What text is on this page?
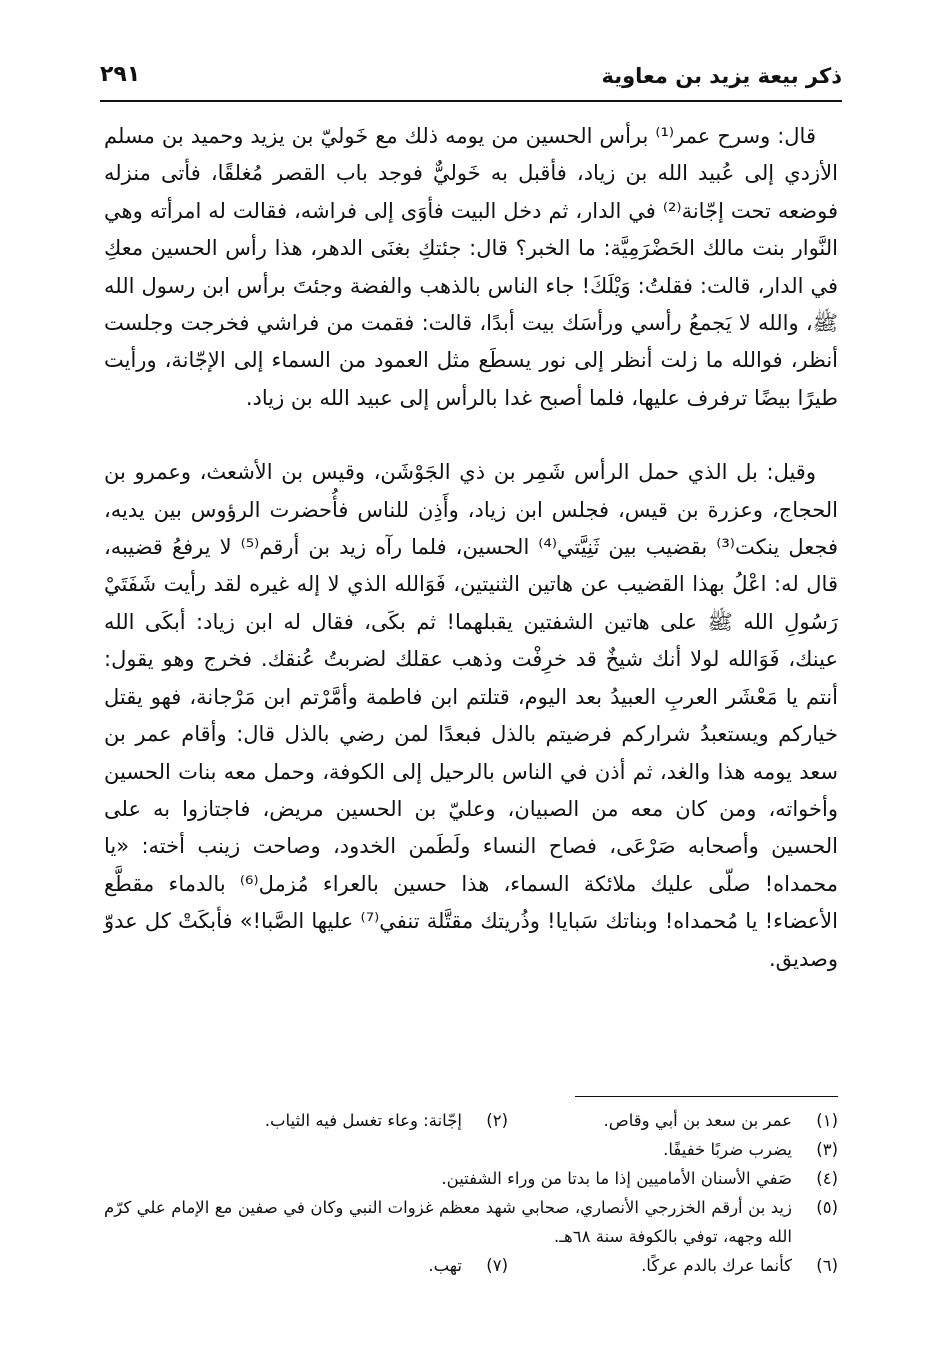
ذكر بيعة يزيد بن معاوية
٢٩١

قال: وسرح عمر⁽¹⁾ برأس الحسين من يومه ذلك مع خَوليّ بن يزيد وحميد بن مسلم الأزدي إلى عُبيد الله بن زياد، فأقبل به خَوليٌّ فوجد باب القصر مُغلقًا، فأتى منزله فوضعه تحت إجّانة⁽²⁾ في الدار، ثم دخل البيت فأوَى إلى فراشه، فقالت له امرأته وهي النَّوار بنت مالك الحَضْرَمِيَّة: ما الخبر؟ قال: جئتكِ بغنَى الدهر، هذا رأس الحسين معكِ في الدار، قالت: فقلتُ: وَيْلَكَ! جاء الناس بالذهب والفضة وجئتَ برأس ابن رسول الله ﷺ، والله لا يَجمعُ رأسي ورأسَك بيت أبدًا، قالت: فقمت من فراشي فخرجت وجلست أنظر، فوالله ما زلت أنظر إلى نور يسطَع مثل العمود من السماء إلى الإجّانة، ورأيت طيرًا بيضًا ترفرف عليها، فلما أصبح غدا بالرأس إلى عبيد الله بن زياد.

وقيل: بل الذي حمل الرأس شَمِر بن ذي الجَوْشَن، وقيس بن الأشعث، وعمرو بن الحجاج، وعزرة بن قيس، فجلس ابن زياد، وأَذِن للناس فأُحضرت الرؤوس بين يديه، فجعل ينكت⁽³⁾ بقضيب بين ثَنِيَّتي⁽⁴⁾ الحسين، فلما رآه زيد بن أرقم⁽⁵⁾ لا يرفعُ قضيبه، قال له: اعْلُ بهذا القضيب عن هاتين الثنيتين، فَوَالله الذي لا إله غيره لقد رأيت شَفَتَيْ رَسُولِ الله ﷺ على هاتين الشفتين يقبلهما! ثم بكَى، فقال له ابن زياد: أبكَى الله عينك، فَوَالله لولا أنك شيخٌ قد خرِفْت وذهب عقلك لضربتُ عُنقك. فخرج وهو يقول: أنتم يا مَعْشَر العربِ العبيدُ بعد اليوم، قتلتم ابن فاطمة وأمَّرْتم ابن مَرْجانة، فهو يقتل خياركم ويستعبدُ شراركم فرضيتم بالذل فبعدًا لمن رضي بالذل قال: وأقام عمر بن سعد يومه هذا والغد، ثم أذن في الناس بالرحيل إلى الكوفة، وحمل معه بنات الحسين وأخواته، ومن كان معه من الصبيان، وعليّ بن الحسين مريض، فاجتازوا به على الحسين وأصحابه صَرْعَى، فصاح النساء ولَطَمن الخدود، وصاحت زينب أخته: «يا محمداه! صلّى عليك ملائكة السماء، هذا حسين بالعراء مُزمل⁽⁶⁾ بالدماء مقطَّع الأعضاء! يا مُحمداه! وبناتك سَبايا! وذُريتك مقتَّلة تنفي⁽⁷⁾ عليها الصَّبا!» فأبكَتْ كل عدوّ وصديق.

(١)
عمر بن سعد بن أبي وقاص.
(٢)
إجّانة: وعاء تغسل فيه الثياب.
(٣)
يضرب ضربًا خفيفًا.
(٤)
صَفي الأسنان الأماميين إذا ما بدتا من وراء الشفتين.
(٥)
زيد بن أرقم الخزرجي الأنصاري، صحابي شهد معظم غزوات النبي وكان في صفين مع الإمام علي كرّم الله وجهه، توفي بالكوفة سنة ٦٨هـ.
(٦)
كأنما عرك بالدم عركًا.
(٧)
تهب.
